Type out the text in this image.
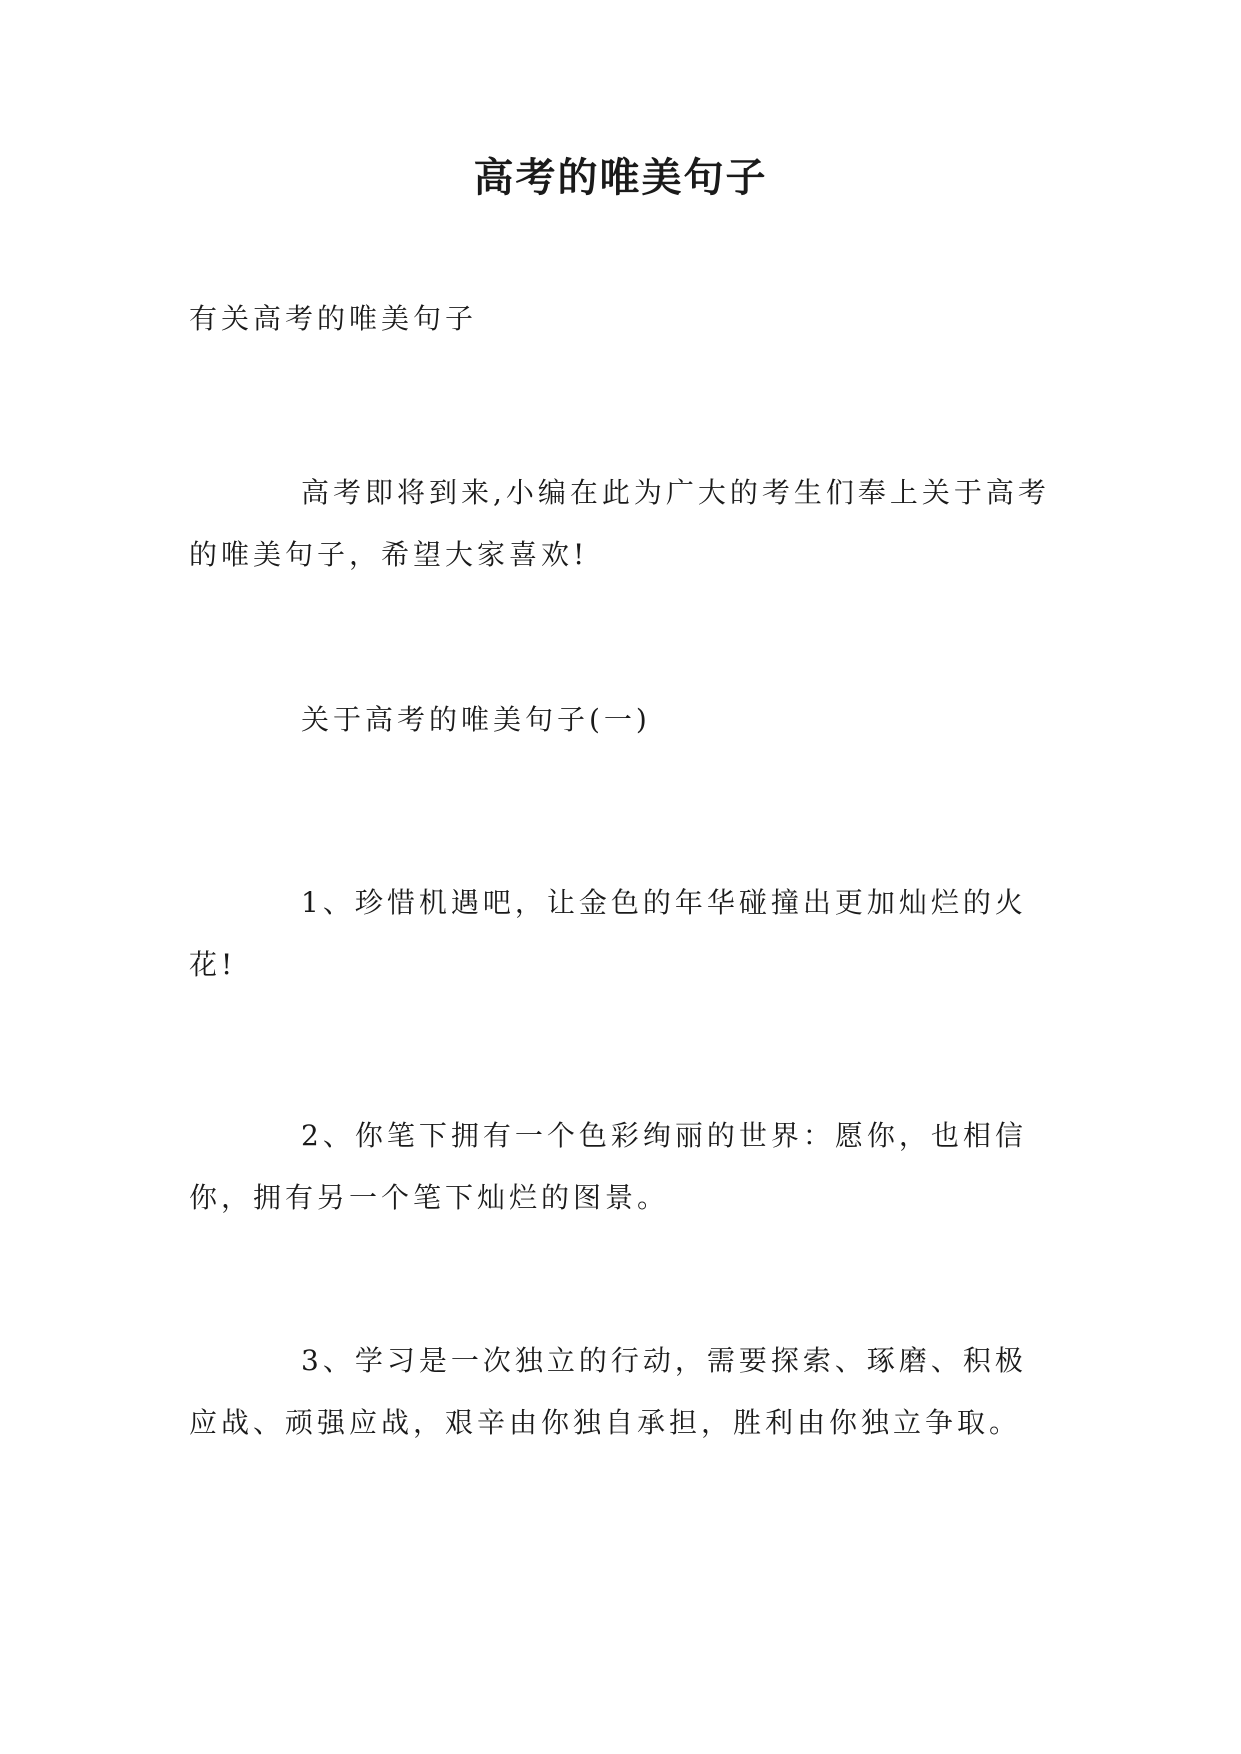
高考的唯美句子

有关高考的唯美句子

高考即将到来,小编在此为广大的考生们奉上关于高考的唯美句子，希望大家喜欢!

关于高考的唯美句子(一)

1、珍惜机遇吧，让金色的年华碰撞出更加灿烂的火花!

2、你笔下拥有一个色彩绚丽的世界：愿你，也相信你，拥有另一个笔下灿烂的图景。

3、学习是一次独立的行动，需要探索、琢磨、积极应战、顽强应战，艰辛由你独自承担，胜利由你独立争取。
